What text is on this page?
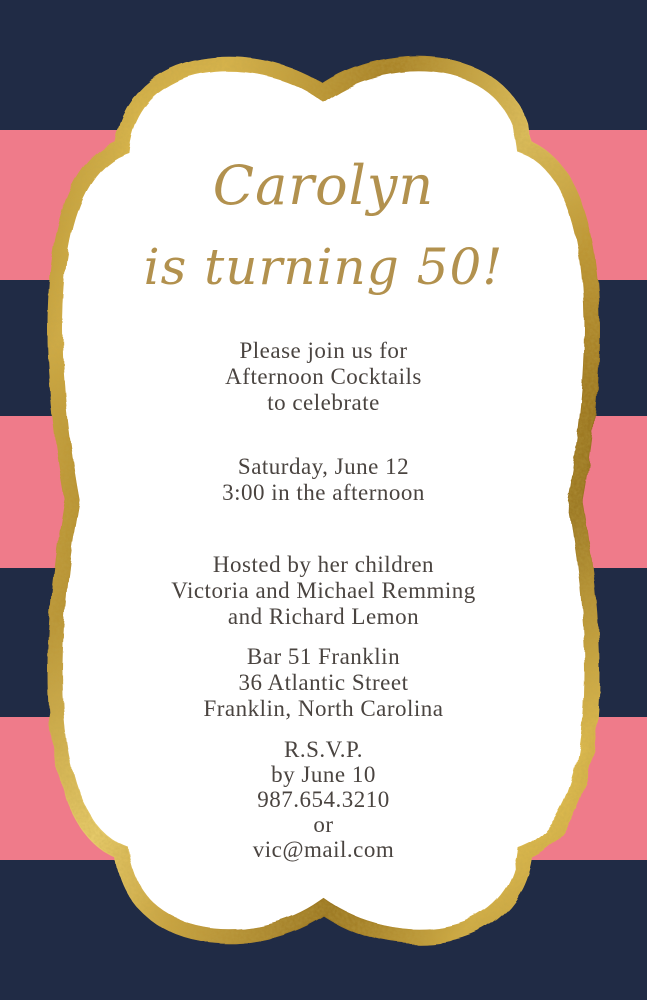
Carolyn
is turning 50!
Please join us for
Afternoon Cocktails
to celebrate
Saturday, June 12
3:00 in the afternoon
Hosted by her children
Victoria and Michael Remming
and Richard Lemon
Bar 51 Franklin
36 Atlantic Street
Franklin, North Carolina
R.S.V.P.
by June 10
987.654.3210
or
vic@mail.com
